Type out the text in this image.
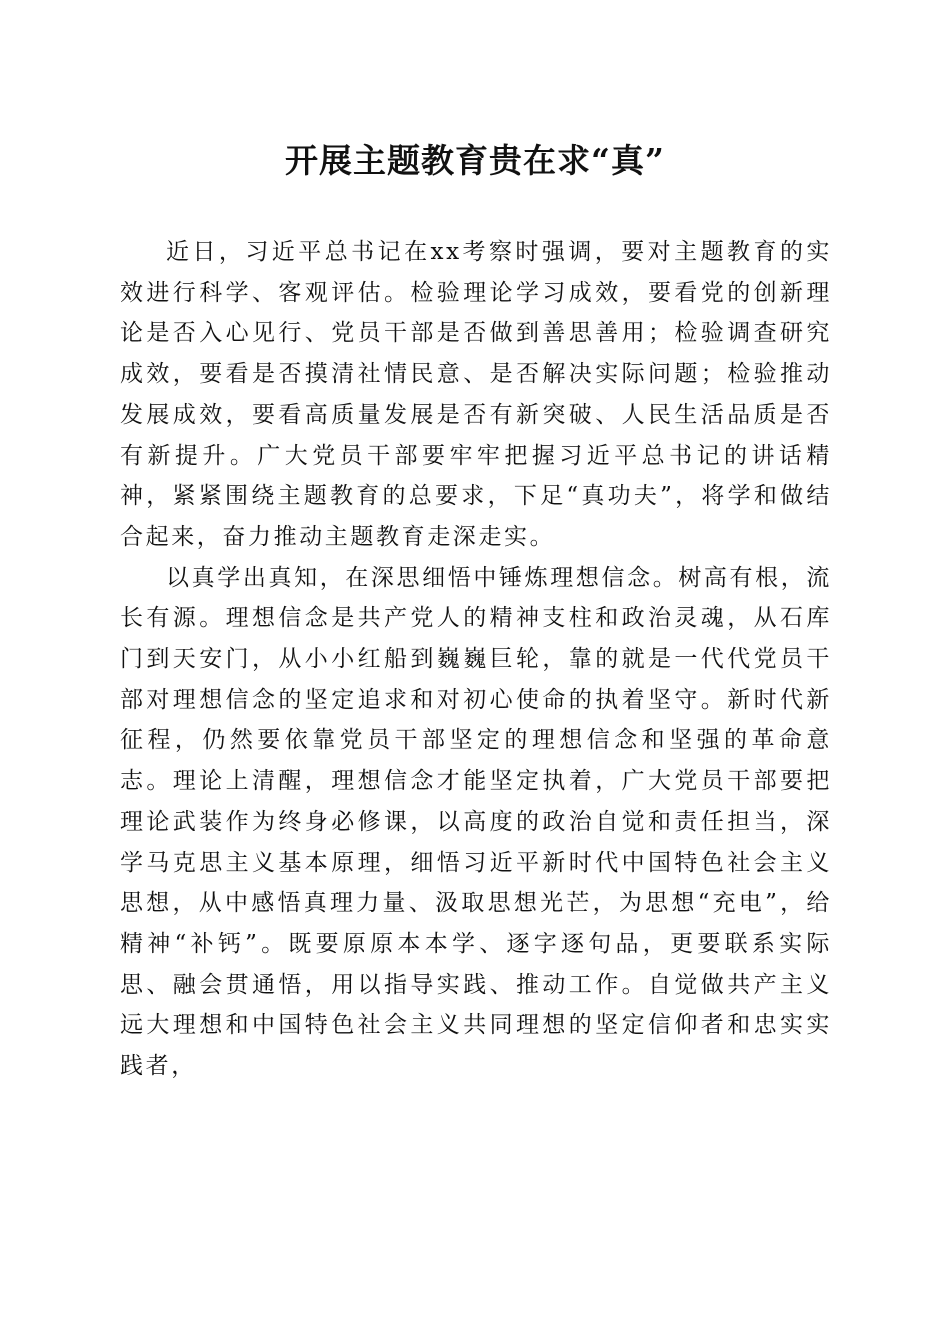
开展主题教育贵在求“真”

近日，习近平总书记在xx考察时强调，要对主题教育的实效进行科学、客观评估。检验理论学习成效，要看党的创新理论是否入心见行、党员干部是否做到善思善用；检验调查研究成效，要看是否摸清社情民意、是否解决实际问题；检验推动发展成效，要看高质量发展是否有新突破、人民生活品质是否有新提升。广大党员干部要牢牢把握习近平总书记的讲话精神，紧紧围绕主题教育的总要求，下足“真功夫”，将学和做结合起来，奋力推动主题教育走深走实。

以真学出真知，在深思细悟中锤炼理想信念。树高有根，流长有源。理想信念是共产党人的精神支柱和政治灵魂，从石库门到天安门，从小小红船到巍巍巨轮，靠的就是一代代党员干部对理想信念的坚定追求和对初心使命的执着坚守。新时代新征程，仍然要依靠党员干部坚定的理想信念和坚强的革命意志。理论上清醒，理想信念才能坚定执着，广大党员干部要把理论武装作为终身必修课，以高度的政治自觉和责任担当，深学马克思主义基本原理，细悟习近平新时代中国特色社会主义思想，从中感悟真理力量、汲取思想光芒，为思想“充电”，给精神“补钙”。既要原原本本学、逐字逐句品，更要联系实际思、融会贯通悟，用以指导实践、推动工作。自觉做共产主义远大理想和中国特色社会主义共同理想的坚定信仰者和忠实实践者，
